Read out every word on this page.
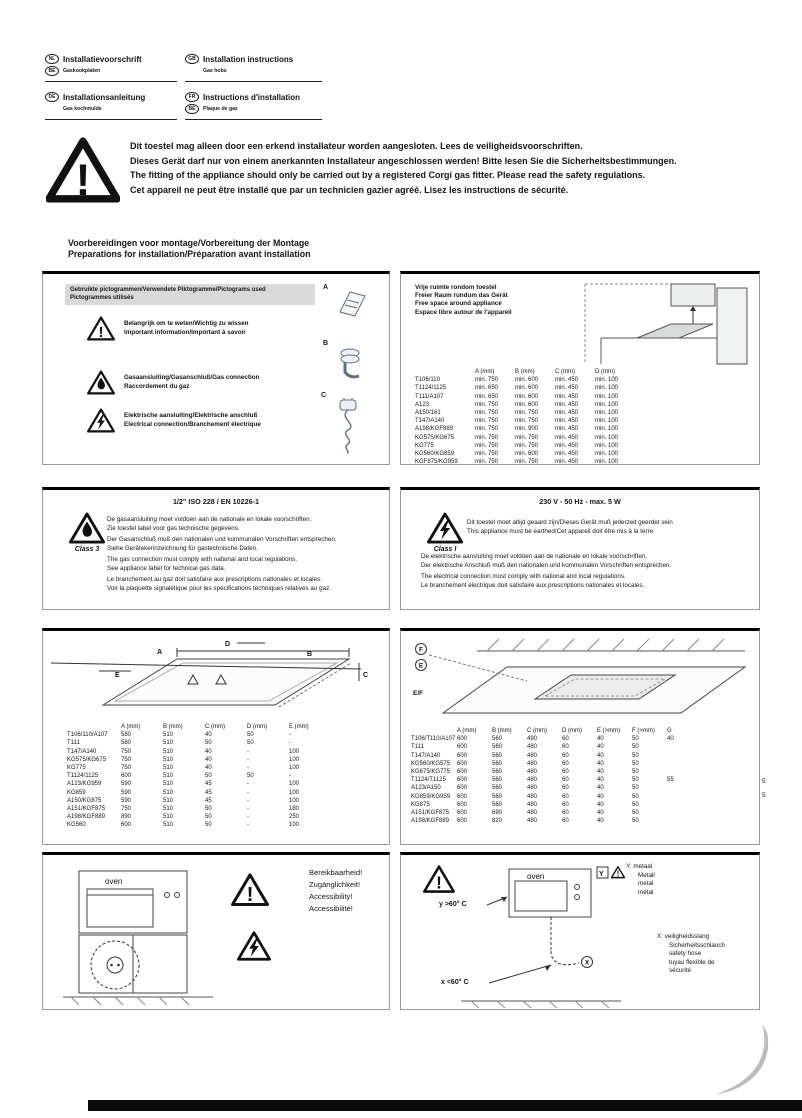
NL Installatievoorschrift
BE	Gaskookplaten
GB Installation instructions
Gas hobs
DE Installationsanleitung
Gas kochmulde
FR Instructions d'installation
BE	Plaque de gaz
!
Dit toestel mag alleen door een erkend installateur worden aangesloten. Lees de veiligheidsvoorschriften.
Dieses Gerät darf nur von einem anerkannten Installateur angeschlossen werden! Bitte lesen Sie die Sicherheitsbestimmungen.
The fitting of the appliance should only be carried out by a registered Corgi gas fitter. Please read the safety regulations.
Cet appareil ne peut être installé que par un technicien gazier agréé. Lisez les instructions de sécurité.
Voorbereidingen voor montage/Vorbereitung der Montage
Preparations for installation/Préparation avant installation
Gebruikte pictogrammen/Verwendete Piktogramme/Pictograms used
Pictogrammes utilisés
A
!
Belangrijk om te weten/Wichtig zu wissen
Important information/Important à savoir
B
Gasaansluiting/Gasanschluß/Gas connection
Raccordement du gaz
C
Elektrische aansluiting/Elektrische anschluß
Electrical connection/Branchement électrique
Vrije ruimte rondom toestel
Freier Raum rundum das Gerät
Free space around appliance
Espace libre autour de l'appareil
	A (mm)	B (mm)	C (mm)	D (mm)
T106/110	min. 750	min. 600	min. 450	min. 100
T1124/1125	min. 650	min. 600	min. 450	min. 100
T111/A107	min. 650	min. 600	min. 450	min. 100
A123	min. 750	min. 600	min. 450	min. 100
A150/161	min. 750	min. 750	min. 450	min. 100
T147/A140	min. 750	min. 750	min. 450	min. 100
A198/KGF889	min. 750	min. 900	min. 450	min. 100
KG575/KG675	min. 750	min. 750	min. 450	min. 100
KG775	min. 750	min. 750	min. 450	min. 100
KG560/KG859	min. 750	min. 600	min. 450	min. 100
KGF875/KG959	min. 750	min. 750	min. 450	min. 100
1/2" ISO 228 / EN 10226-1
Class 3
De gasaansluiting moet voldoen aan de nationale en lokale voorschriften.
Zie toestel label voor gas technische gegevens.
Der Gasanschluß muß den nationalen und kommunalen Vorschriften entsprechen.
Siehe Gerätekennzeichnung für gastechnische Daten.
The gas connection must comply with national and local regulations.
See appliance label for technical gas data.
Le branchement au gaz doit satisfaire aux prescriptions nationales et locales.
Voir la plaquette signalétique pour les spécifications techniques relatives au gaz.
230 V - 50 Hz - max. 5 W
Class I
Dit toestel moet altijd geaard zijn/Dieses Gerät muß jederzeit geerdet sein
This appliance must be earthed/Cet appareil doit être mis à la terre
De elektrische aansluiting moet voldoen aan de nationale en lokale voorschriften.
Der elektrische Anschluß muß den nationalen und kommunalen Vorschriften entsprechen.
The electrical connection must comply with national and local regulations.
Le branchement électrique doit satisfaire aux prescriptions nationales et locales.
A
D
B
C
E
	A (mm)	B (mm)	C (mm)	D (mm)	E (mm)
T106/110/A107	580	510	40	50	-
T111	580	510	50	50	-
T147/A140	750	510	40	-	100
KG575/KG675	750	510	40	-	100
KG775	750	510	40	-	100
T1124/1125	600	510	50	50	-
A123/KG959	590	510	45	-	100
KG859	590	510	45	-	100
A150/KG875	590	510	45	-	100
A151/KGF875	750	510	50	-	180
A198/KGF889	890	510	50	-	250
KG560	600	510	50	-	100
F
E
E/F
	A (mm)	B (mm)	C (mm)	D (mm)	E (>mm)	F (>mm)	G
T106/T110/A107	600	560	490	60	40	50	40
T111	600	560	480	60	40	50	
T147/A140	600	560	480	60	40	50	
KG560/KG575	600	560	480	60	40	50	
KG675/KG775	600	560	480	60	40	50	
T1124/T1125	600	560	480	60	40	50	55
A123/A150	600	560	480	60	40	50	
KG859/KG959	600	560	480	60	40	50	
KG875	600	560	480	60	40	50	
A151/KGF875	600	690	480	60	40	50	
A198/KGF889	600	820	480	60	40	50	
oven
!
Bereikbaarheid!
Zugänglichkeit!
Accessibility!
Accessibilité!
!	oven	Y !
X
Y: metaal
Metall
metal
métal
y >60° C
X: veiligheidsslang
Sicherheitsschlauch
safety hose
tuyau flexible de
sécurité
x <60° C
5
5
